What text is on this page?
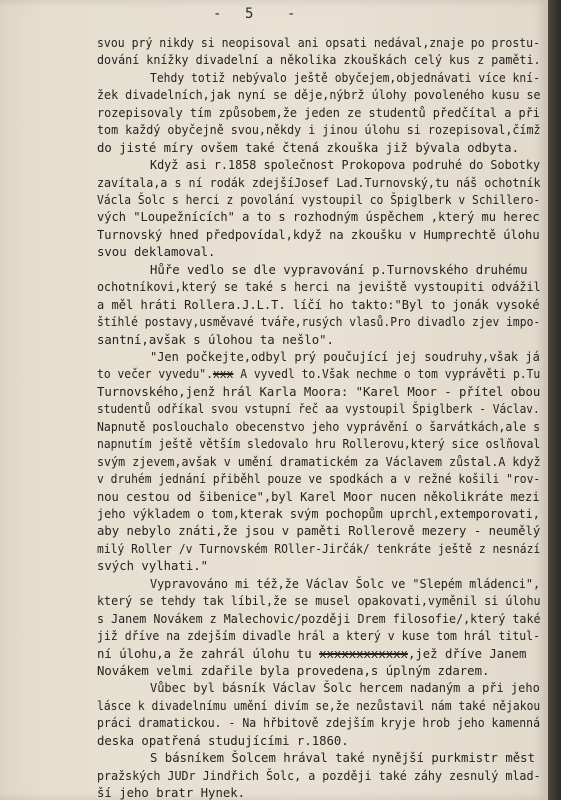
- 5 -
svou prý nikdy si neopisoval ani opsati nedával,znaje po prostu-
dování knížky divadelní a několika zkouškách celý kus z paměti.
Tehdy totiž nebývalo ještě obyčejem,objednávati více kní-
žek divadelních,jak nyní se děje,nýbrž úlohy povoleného kusu se
rozepisovaly tím způsobem,že jeden ze studentů předčítal a při
tom každý obyčejně svou,někdy i jinou úlohu si rozepisoval,čímž
do jisté míry ovšem také čtená zkouška již bývala odbyta.
Když asi r.1858 společnost Prokopova podruhé do Sobotky
zavítala,a s ní rodák zdejšíJosef Lad.Turnovský,tu náš ochotník
Václa Šolc s herci z povolání vystoupil co Špiglberk v Schillero-
vých "Loupežnících" a to s rozhodným úspěchem ,který mu herec
Turnovský hned předpovídal,když na zkoušku v Humprechtě úlohu
svou deklamoval.
Hůře vedlo se dle vypravování p.Turnovského druhému
ochotníkovi,který se také s herci na jeviště vystoupiti odvážil
a měl hráti Rollera.J.L.T. líčí ho takto:"Byl to jonák vysoké
štíhlé postavy,usměvavé tváře,rusých vlasů.Pro divadlo zjev impo-
santní,avšak s úlohou ta nešlo".
"Jen počkejte,odbyl prý poučující jej soudruhy,však já
to večer vyvedu".xxx A vyvedl to.Však nechme o tom vyprávěti p.Tu
Turnovského,jenž hrál Karla Moora: "Karel Moor - přítel obou
studentů odříkal svou vstupní řeč aa vystoupil Špiglberk - Václav.
Napnutě poslouchalo obecenstvo jeho vyprávění o šarvátkách,ale s
napnutím ještě větším sledovalo hru Rollerovu,který sice oslňoval
svým zjevem,avšak v umění dramatickém za Václavem zůstal.A když
v druhém jednání přiběhl pouze ve spodkách a v režné košili "rov-
nou cestou od šibenice",byl Karel Moor nucen několikráte mezi
jeho výkladem o tom,kterak svým pochopům uprchl,extemporovati,
aby nebylo znáti,že jsou v paměti Rollerově mezery - neumělý
milý Roller /v Turnovském ROller-Jirčák/ tenkráte ještě z nesnází
svých vylhati."
Vypravováno mi též,že Václav Šolc ve "Slepém mládenci",
který se tehdy tak líbil,že se musel opakovati,vyměnil si úlohu
s Janem Novákem z Malechovic/později Drem filosofie/,který také
již dříve na zdejším divadle hrál a který v kuse tom hrál titul-
ní úlohu,a že zahrál úlohu tu xxxxxxxxxxxx,jež dříve Janem
Novákem velmi zdařile byla provedena,s úplným zdarem.
Vůbec byl básník Václav Šolc hercem nadaným a při jeho
lásce k divadelnímu umění divím se,že nezůstavil nám také nějakou
práci dramatickou. - Na hřbitově zdejším kryje hrob jeho kamenná
deska opatřená studujícími r.1860.
S básníkem Šolcem hrával také nynější purkmistr měst
pražských JUDr Jindřich Šolc, a později také záhy zesnulý mlad-
ší jeho bratr Hynek.
